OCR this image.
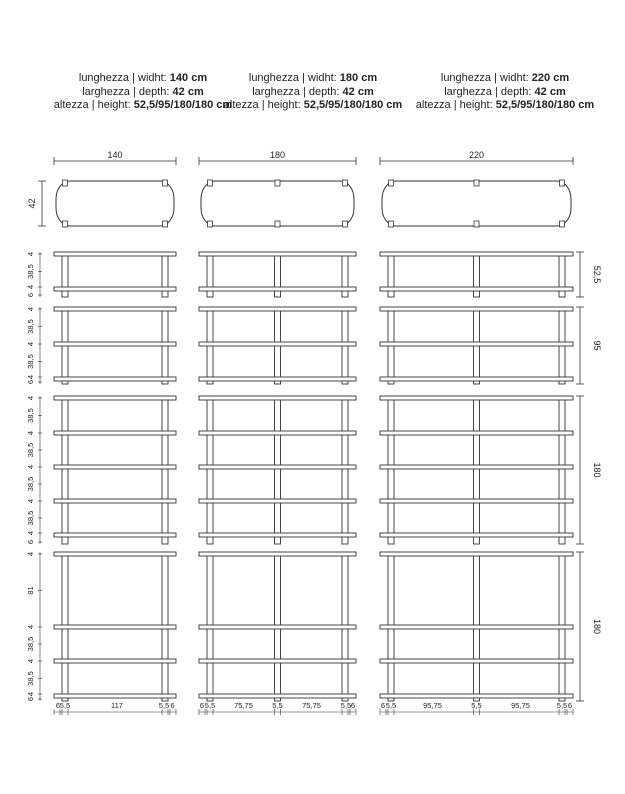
lunghezza | widht: 140 cm
larghezza | depth: 42 cm
altezza | height: 52,5/95/180/180 cm
lunghezza | widht: 180 cm
larghezza | depth: 42 cm
altezza | height: 52,5/95/180/180 cm
lunghezza | widht: 220 cm
larghezza | depth: 42 cm
altezza | height: 52,5/95/180/180 cm
140	180	220
42
52,5
4
38,5
4
6
95
4
38,5
4
38,5
4
6
180
4
38,5
4
38,5
4
38,5
4
38,5
4
6
180
4
81
4
38,5
4
38,5
4
6
6 5,5	117	5,5 6	6 5,5	75,75	5,5	75,75	5,5 6	6 5,5	95,75	5,5	95,75	5,5 6
